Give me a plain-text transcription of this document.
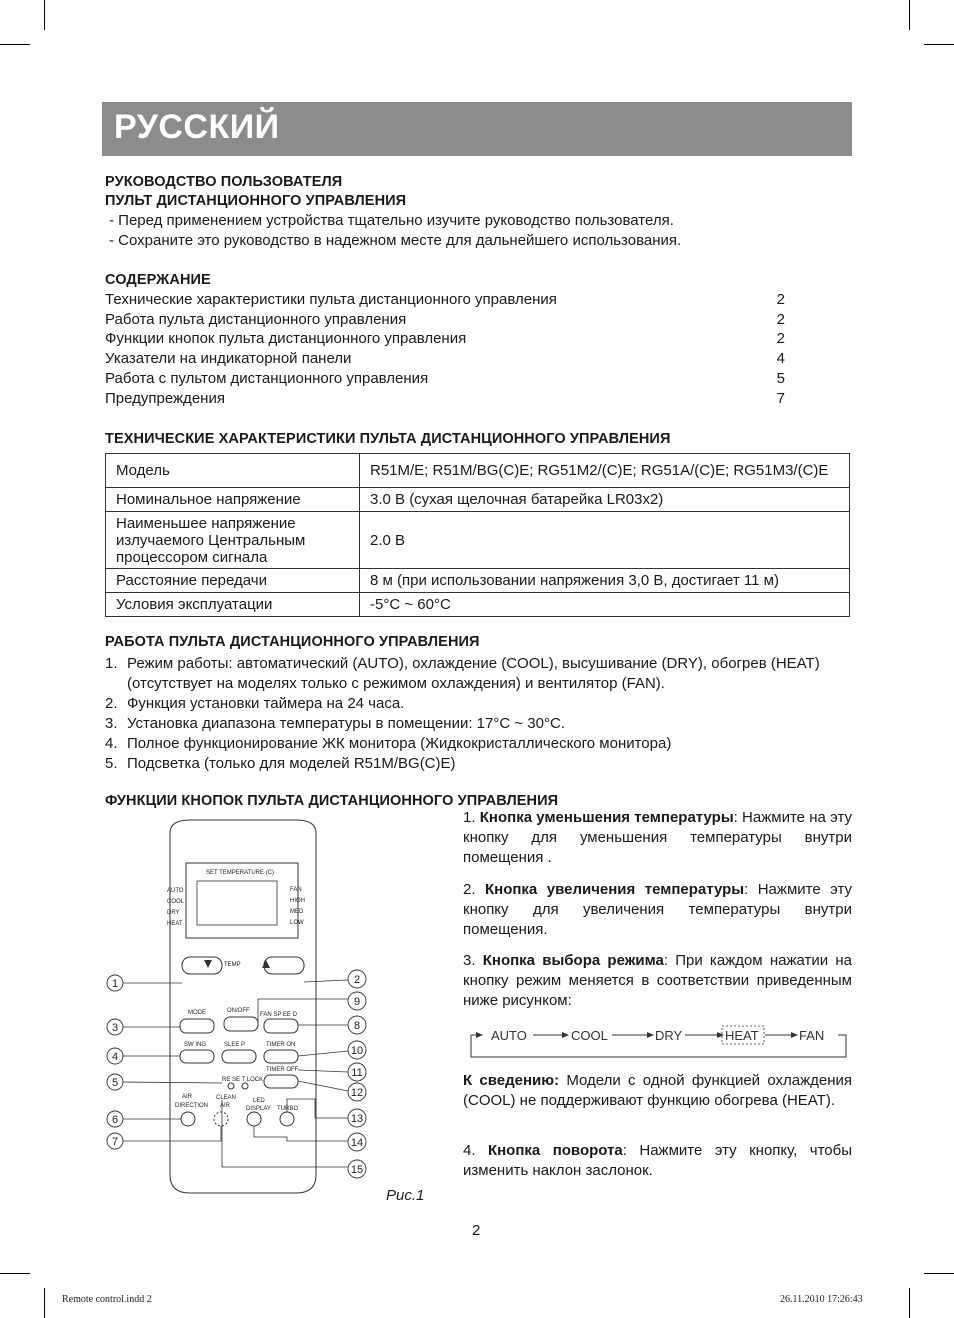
РУССКИЙ
РУКОВОДСТВО ПОЛЬЗОВАТЕЛЯ
ПУЛЬТ ДИСТАНЦИОННОГО УПРАВЛЕНИЯ
- Перед применением устройства тщательно изучите руководство пользователя.
- Сохраните это руководство в надежном месте для дальнейшего использования.
СОДЕРЖАНИЕ
Технические характеристики пульта дистанционного управления	2
Работа пульта дистанционного управления	2
Функции кнопок пульта дистанционного управления	2
Указатели на индикаторной панели	4
Работа с пультом дистанционного управления	5
Предупреждения	7
ТЕХНИЧЕСКИЕ ХАРАКТЕРИСТИКИ ПУЛЬТА ДИСТАНЦИОННОГО УПРАВЛЕНИЯ
Модель	R51M/E; R51M/BG(C)E; RG51M2/(C)E; RG51A/(C)E; RG51M3/(C)E
Номинальное напряжение	3.0 В (сухая щелочная батарейка LR03х2)
Наименьшее напряжение излучаемого Центральным процессором сигнала	2.0 В
Расстояние передачи	8 м (при использовании напряжения 3,0 В, достигает 11 м)
Условия эксплуатации	-5°C ~ 60°C
РАБОТА ПУЛЬТА ДИСТАНЦИОННОГО УПРАВЛЕНИЯ
1. Режим работы: автоматический (AUTO), охлаждение (COOL), высушивание (DRY), обогрев (HEAT) (отсутствует на моделях только с режимом охлаждения) и вентилятор (FAN).
2. Функция установки таймера на 24 часа.
3. Установка диапазона температуры в помещении: 17°C ~ 30°C.
4. Полное функционирование ЖК монитора (Жидкокристаллического монитора)
5. Подсветка (только для моделей R51M/BG(C)E)
ФУНКЦИИ КНОПОК ПУЛЬТА ДИСТАНЦИОННОГО УПРАВЛЕНИЯ
SET TEMPERATURE (C)
AUTO
COOL
DRY
HEAT
FAN
HIGH
MED
LOW
TEMP
MODE	ON/OFF
FAN SP EE D
SW ING	SLEE P	TIMER ON
RE SE T LOCK
TIMER OFF
AIR
DIRECTION
CLEAN
AIR
LED
DISPLAY TURBO
1
3
4
5
6
7
2
9
8
10
11
12
13
14
15
Рис.1
1. Кнопка уменьшения температуры: Нажмите на эту кнопку для уменьшения температуры внутри помещения .
2. Кнопка увеличения температуры: Нажмите эту кнопку для увеличения температуры внутри помещения.
3. Кнопка выбора режима: При каждом нажатии на кнопку режим меняется в соответствии приведенным ниже рисунком:
AUTO	COOL	DRY	HEAT	FAN
К сведению: Модели с одной функцией охлаждения (COOL) не поддерживают функцию обогрева (HEAT).
4. Кнопка поворота: Нажмите эту кнопку, чтобы изменить наклон заслонок.
2
Remote control.indd 2	26.11.2010 17:26:43
